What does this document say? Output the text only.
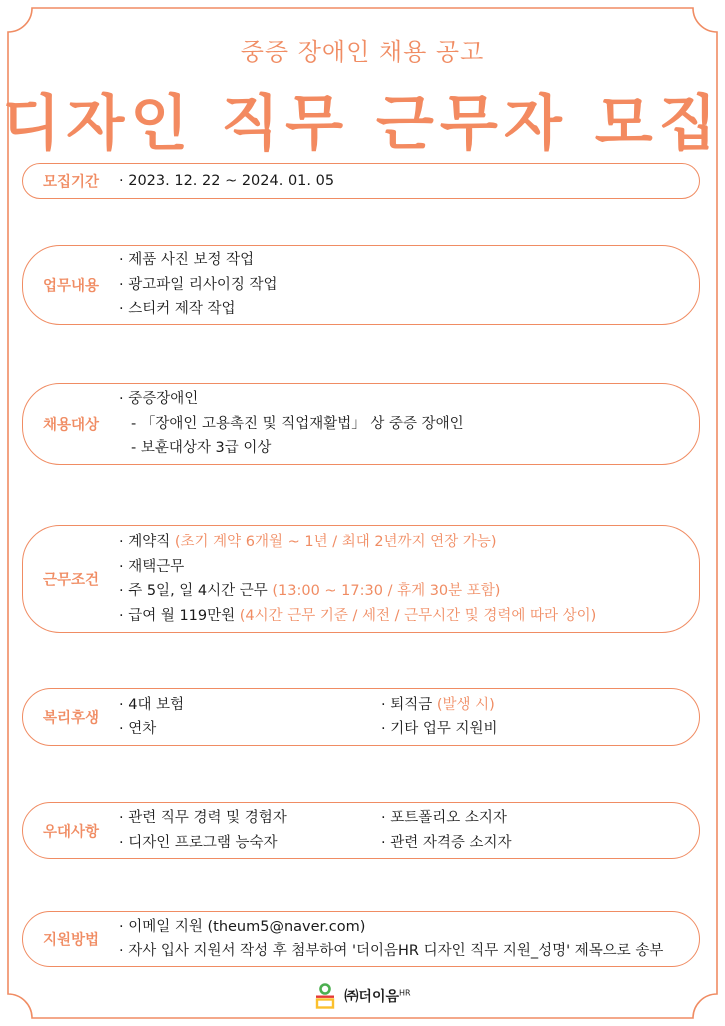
중증 장애인 채용 공고
디자인 직무 근무자 모집
모집기간	· 2023. 12. 22 ~ 2024. 01. 05
업무내용
· 제품 사진 보정 작업
· 광고파일 리사이징 작업
· 스티커 제작 작업
채용대상
· 중증장애인
- 「장애인 고용촉진 및 직업재활법」 상 중증 장애인
- 보훈대상자 3급 이상
근무조건
· 계약직 (초기 계약 6개월 ~ 1년 / 최대 2년까지 연장 가능)
· 재택근무
· 주 5일, 일 4시간 근무 (13:00 ~ 17:30 / 휴게 30분 포함)
· 급여 월 119만원 (4시간 근무 기준 / 세전 / 근무시간 및 경력에 따라 상이)
복리후생
· 4대 보험	· 퇴직금 (발생 시)
· 연차	· 기타 업무 지원비
우대사항
· 관련 직무 경력 및 경험자	· 포트폴리오 소지자
· 디자인 프로그램 능숙자	· 관련 자격증 소지자
지원방법
· 이메일 지원 (theum5@naver.com)
· 자사 입사 지원서 작성 후 첨부하여 '더이음HR 디자인 직무 지원_성명' 제목으로 송부
㈜더이음$^{HR}$
